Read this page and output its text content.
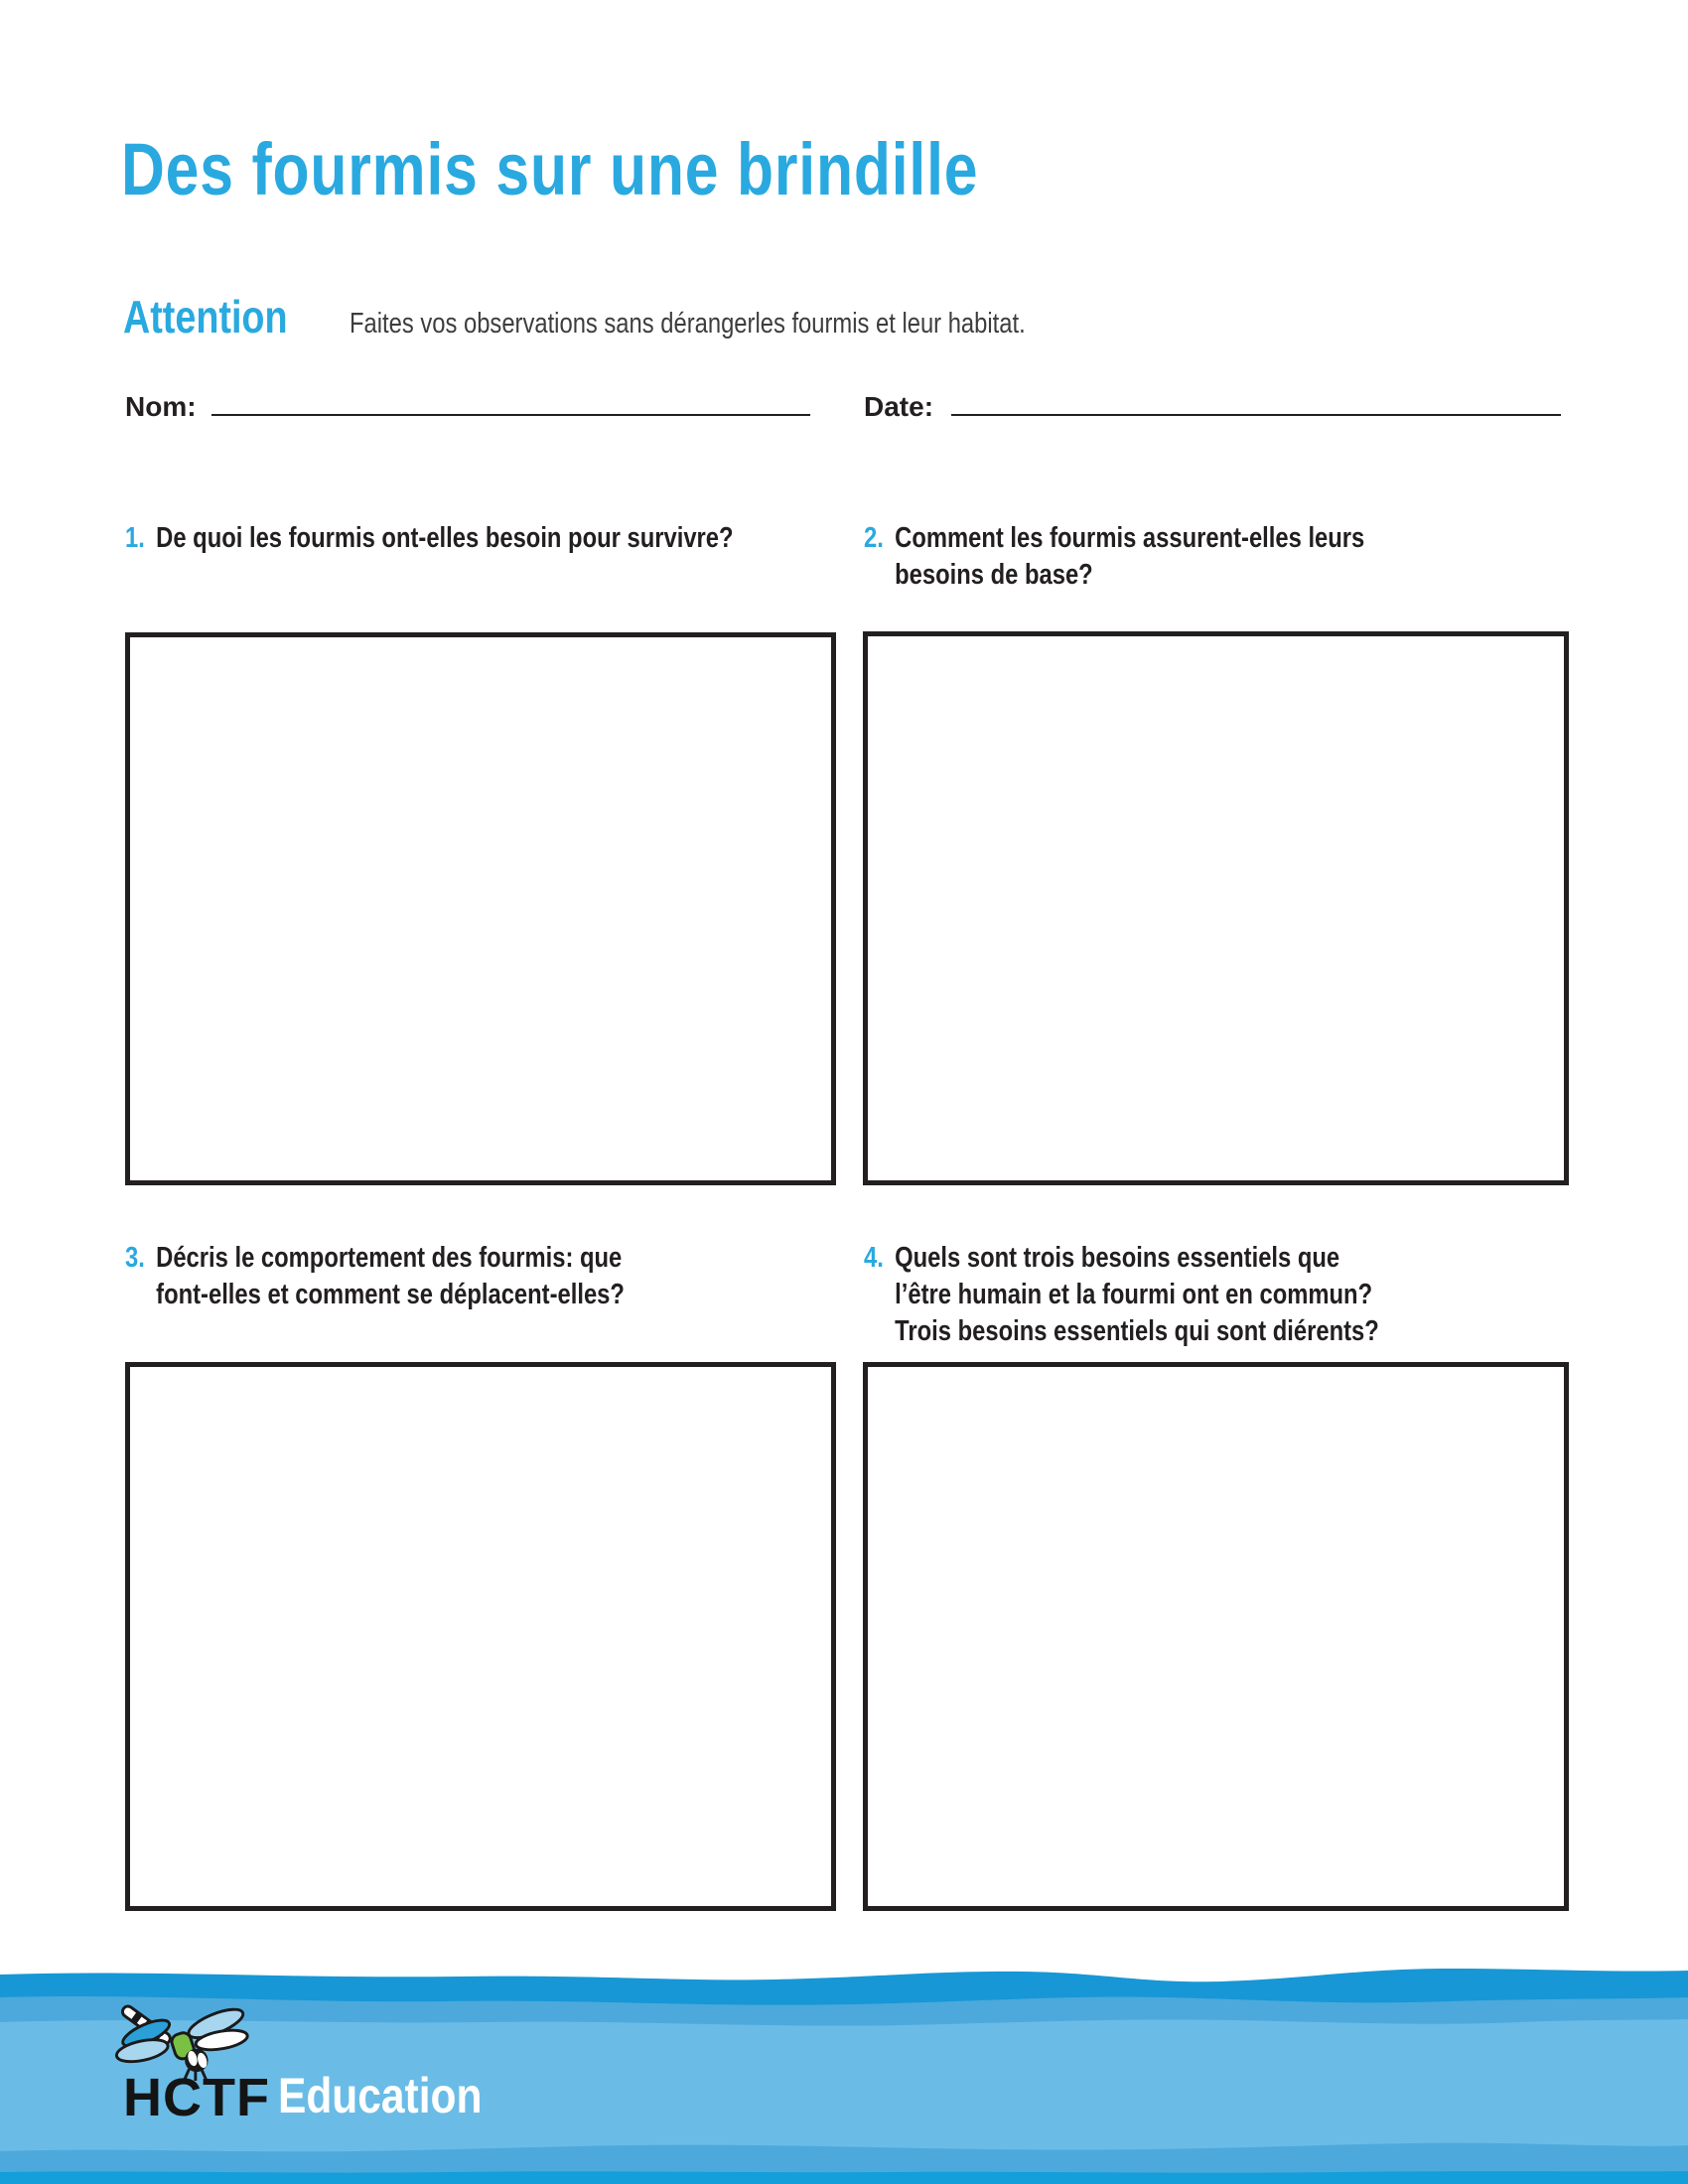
Des fourmis sur une brindille
Attention Faites vos observations sans dérangerles fourmis et leur habitat.
Nom:	Date:
1. De quoi les fourmis ont-elles besoin pour survivre?	2. Comment les fourmis assurent-elles leurs
besoins de base?
3. Décris le comportement des fourmis: que
font-elles et comment se déplacent-elles?
4. Quels sont trois besoins essentiels que
l’être humain et la fourmi ont en commun?
Trois besoins essentiels qui sont diérents?
HCTF Education
